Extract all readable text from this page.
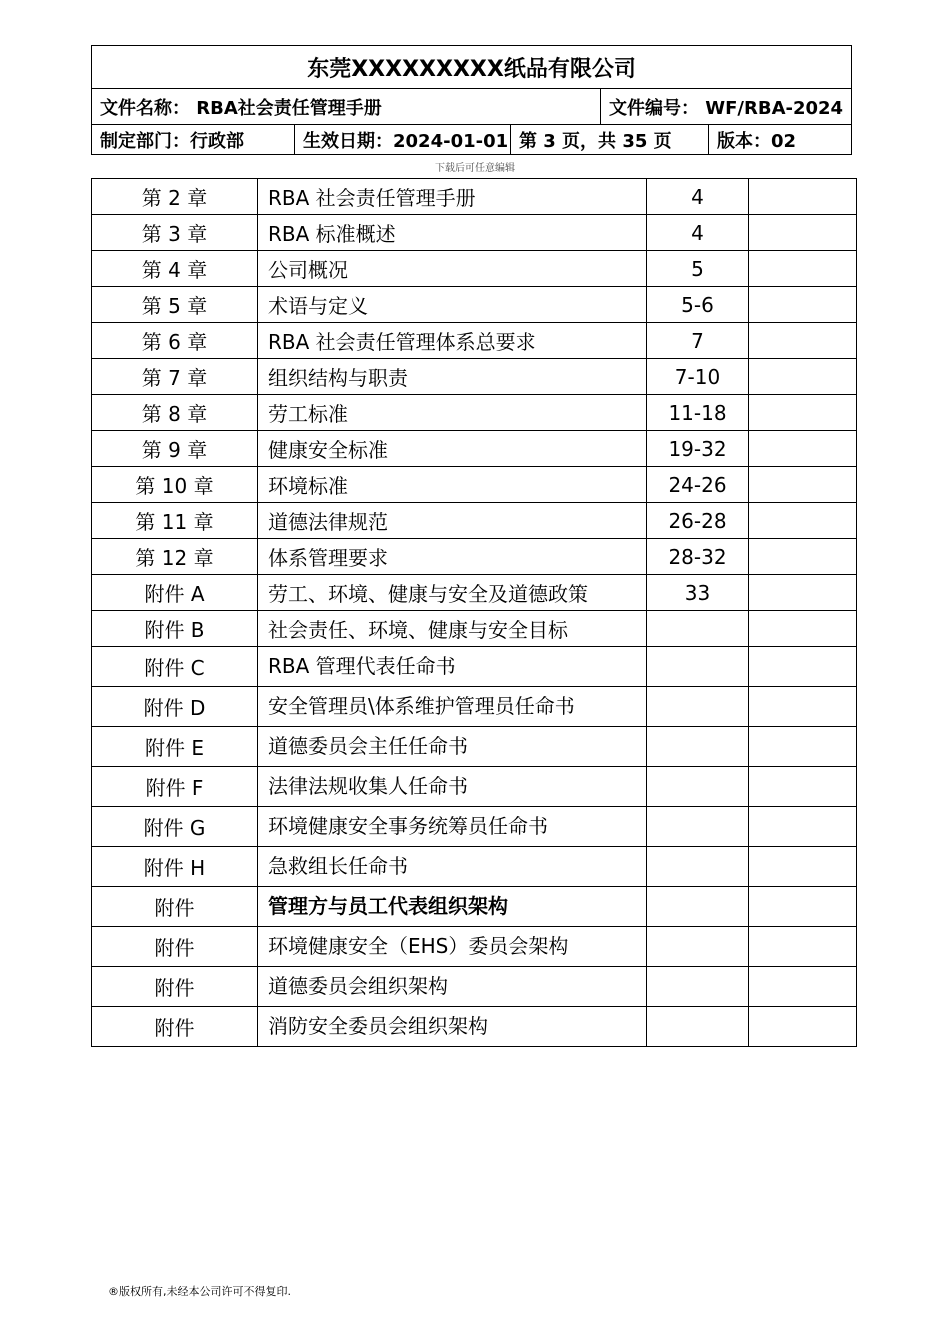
东莞XXXXXXXXX纸品有限公司				
文件名称： RBA社会责任管理手册			文件编号： WF/RBA-2024	
制定部门：行政部	生效日期：2024-01-01	第 3 页，共 35 页		版本：02
下载后可任意编辑
第 2 章	RBA 社会责任管理手册	4	
第 3 章	RBA 标准概述	4	
第 4 章	公司概况	5	
第 5 章	术语与定义	5-6	
第 6 章	RBA 社会责任管理体系总要求	7	
第 7 章	组织结构与职责	7-10	
第 8 章	劳工标准	11-18	
第 9 章	健康安全标准	19-32	
第 10 章	环境标准	24-26	
第 11 章	道德法律规范	26-28	
第 12 章	体系管理要求	28-32	
附件 A	劳工、环境、健康与安全及道德政策	33	
附件 B	社会责任、环境、健康与安全目标		
附件 C	RBA 管理代表任命书		
附件 D	安全管理员\体系维护管理员任命书		
附件 E	道德委员会主任任命书		
附件 F	法律法规收集人任命书		
附件 G	环境健康安全事务统筹员任命书		
附件 H	急救组长任命书		
附件	管理方与员工代表组织架构		
附件	环境健康安全（EHS）委员会架构		
附件	道德委员会组织架构		
附件	消防安全委员会组织架构		
®版权所有,未经本公司许可不得复印.
